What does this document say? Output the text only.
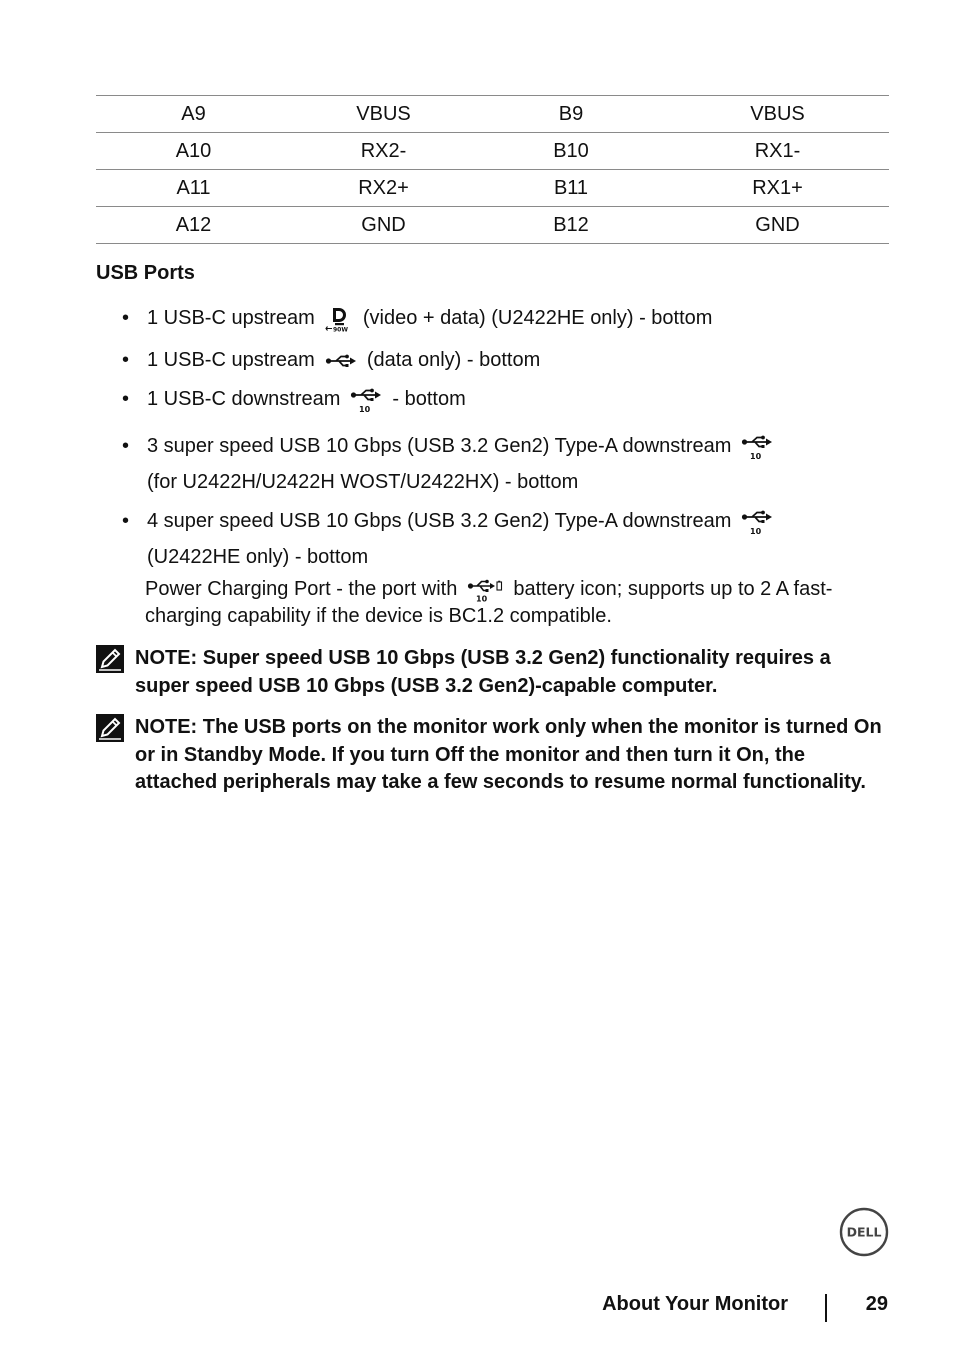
A9	VBUS	B9	VBUS
A10	RX2-	B10	RX1-
A11	RX2+	B11	RX1+
A12	GND	B12	GND
USB Ports
• 1 USB-C upstream
90W
(video + data) (U2422HE only) - bottom
• 1 USB-C upstream	(data only) - bottom
• 1 USB-C downstream 10 - bottom
• 3 super speed USB 10 Gbps (USB 3.2 Gen2) Type-A downstream 10
(for U2422H/U2422H WOST/U2422HX) - bottom
• 4 super speed USB 10 Gbps (USB 3.2 Gen2) Type-A downstream 10
(U2422HE only) - bottom
Power Charging Port - the port with 10 battery icon; supports up to 2 A fast-charging capability if the device is BC1.2 compatible.
NOTE: Super speed USB 10 Gbps (USB 3.2 Gen2) functionality requires a super speed USB 10 Gbps (USB 3.2 Gen2)-capable computer.
NOTE: The USB ports on the monitor work only when the monitor is turned On or in Standby Mode. If you turn Off the monitor and then turn it On, the attached peripherals may take a few seconds to resume normal functionality.
DELL
About Your Monitor	29
